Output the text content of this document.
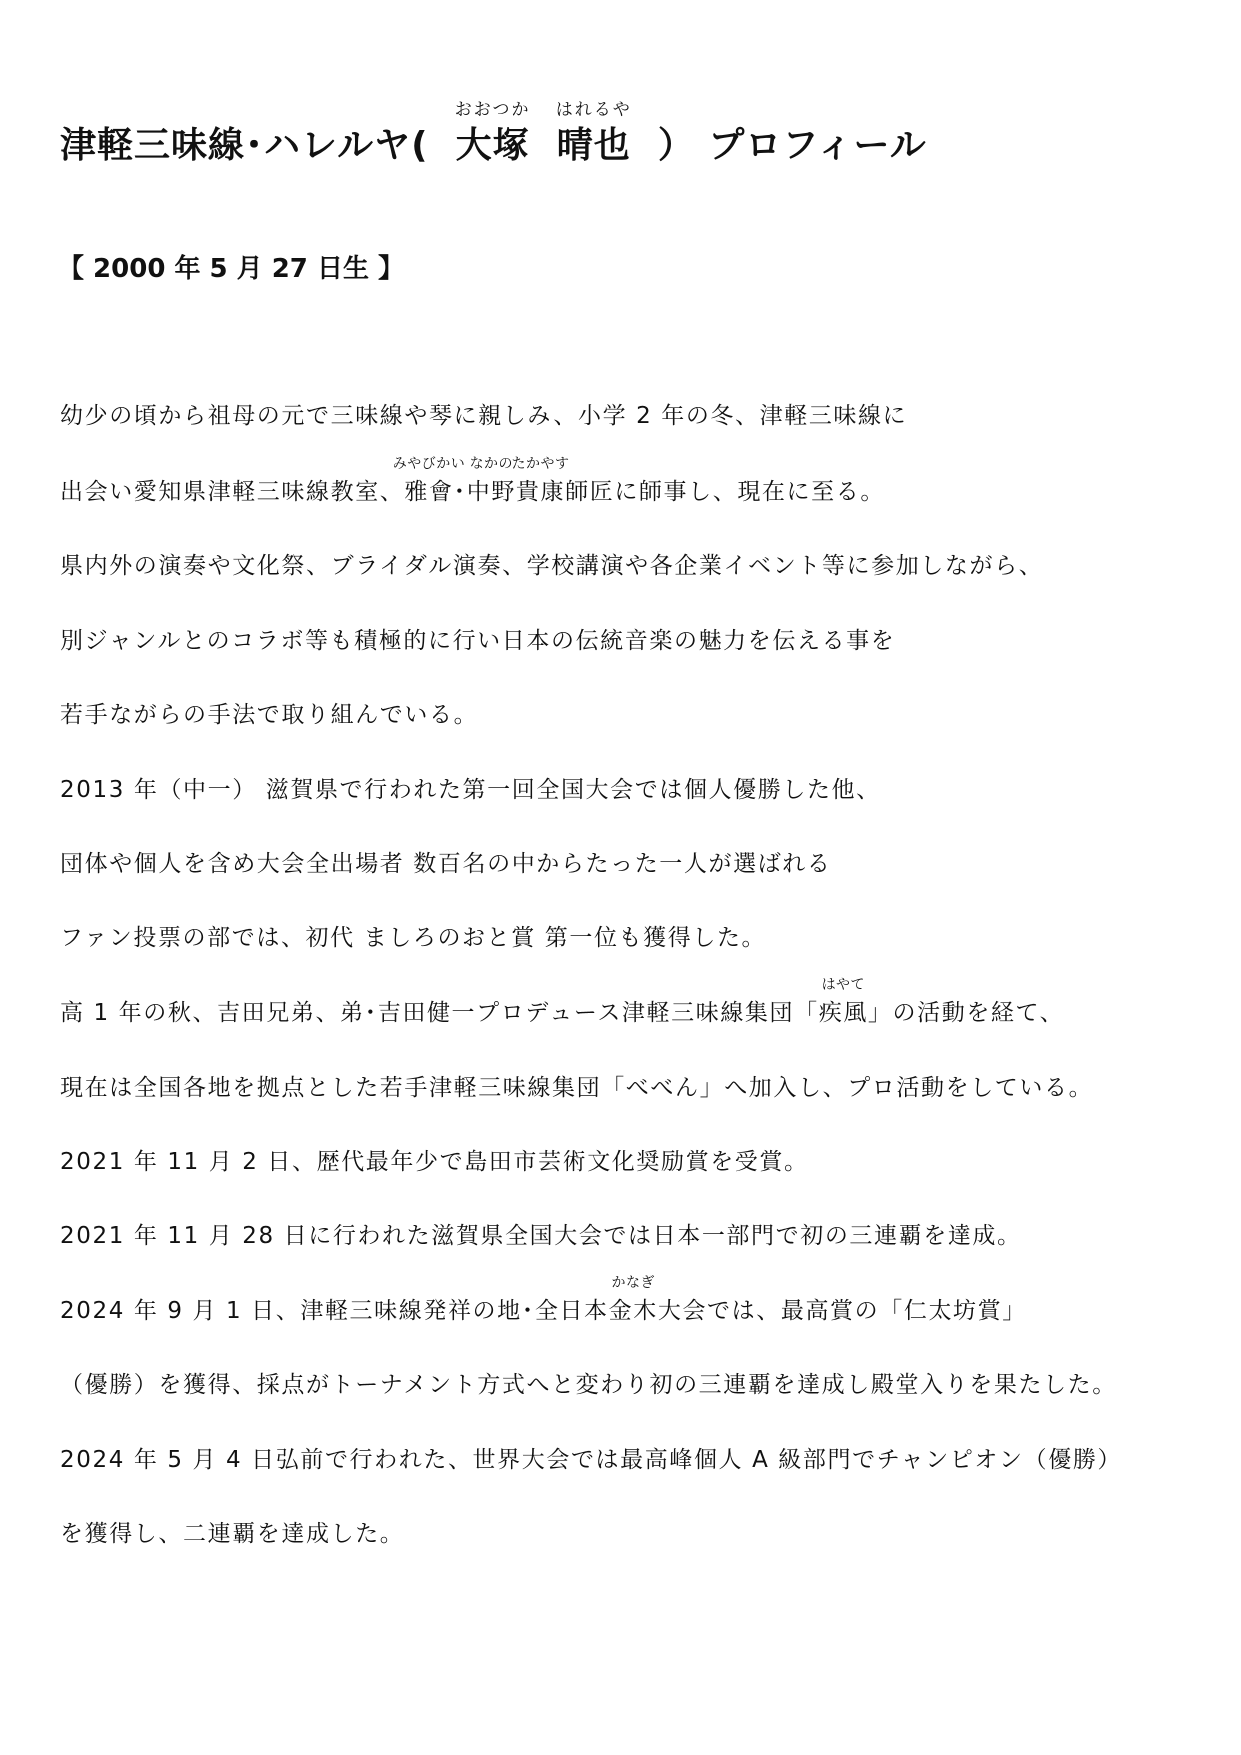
津軽三味線･ハレルヤ(
おおつか
大塚
はれるや
晴也 ） プロフィール
【 2000 年 5 月 27 日生 】
幼少の頃から祖母の元で三味線や琴に親しみ、小学 2 年の冬、津軽三味線に
出会い愛知県津軽三味線教室、
みやびかい
雅會･
なかの
中野
たかやす
貴康師匠に師事し、現在に至る。
県内外の演奏や文化祭、ブライダル演奏、学校講演や各企業イベント等に参加しながら、
別ジャンルとのコラボ等も積極的に行い日本の伝統音楽の魅力を伝える事を
若手ながらの手法で取り組んでいる。
2013 年（中一） 滋賀県で行われた第一回全国大会では個人優勝した他、
団体や個人を含め大会全出場者 数百名の中からたった一人が選ばれる
ファン投票の部では、初代 ましろのおと賞 第一位も獲得した。
高 1 年の秋、吉田兄弟、弟･吉田健一プロデュース津軽三味線集団「
はやて
疾風」の活動を経て、
現在は全国各地を拠点とした若手津軽三味線集団「べべん」へ加入し、プロ活動をしている。
2021 年 11 月 2 日、歴代最年少で島田市芸術文化奨励賞を受賞。
2021 年 11 月 28 日に行われた滋賀県全国大会では日本一部門で初の三連覇を達成。
2024 年 9 月 1 日、津軽三味線発祥の地･全日本
かなぎ
金木大会では、最高賞の「仁太坊賞」
（優勝）を獲得、採点がトーナメント方式へと変わり初の三連覇を達成し殿堂入りを果たした。
2024 年 5 月 4 日弘前で行われた、世界大会では最高峰個人 A 級部門でチャンピオン（優勝）
を獲得し、二連覇を達成した。
